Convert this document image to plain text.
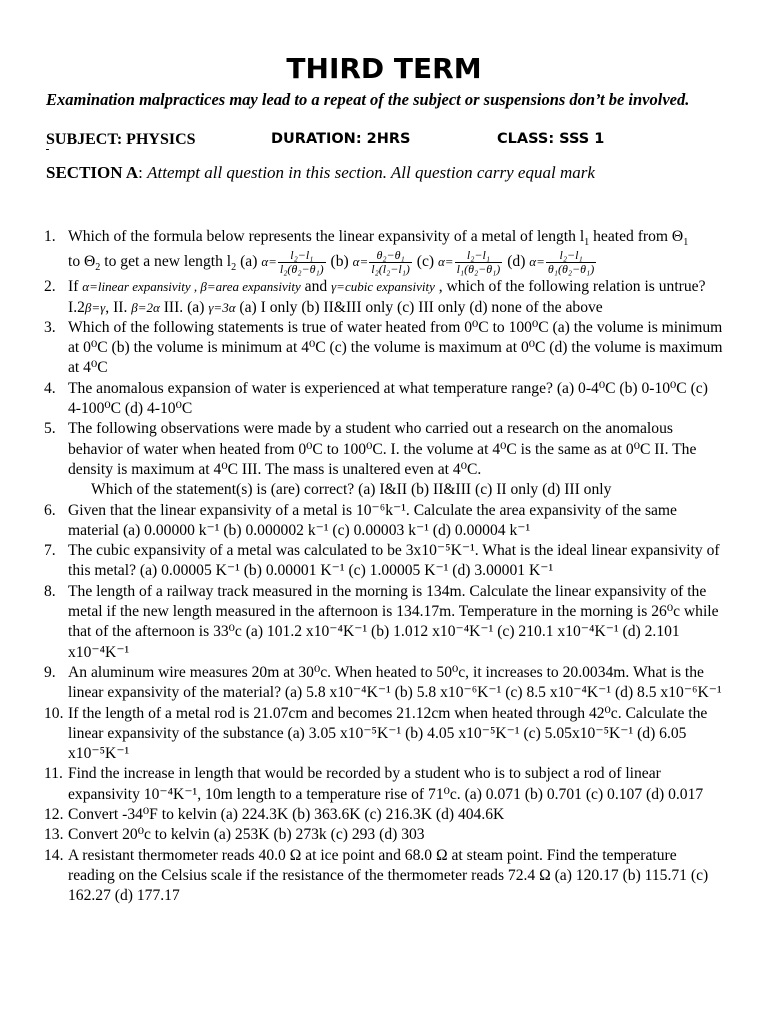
THIRD TERM
Examination malpractices may lead to a repeat of the subject or suspensions don’t be involved.
SUBJECT: PHYSICS	DURATION: 2HRS	CLASS: SSS 1
SECTION A: Attempt all question in this section. All question carry equal mark
1. Which of the formula below represents the linear expansivity of a metal of length $l_1$ heated from $\Theta_1$
to $\Theta_2$ to get a new length $l_2$ (a) $\alpha= \frac{\text{l₂−l₁}}{\text{l₂(θ₂−θ₁)}} (b)$ $\alpha= \frac{\text{θ₂−θ₁}}{\text{l₂(l₂−l₁)}} (c)$ $\alpha= \frac{\text{l₂−l₁}}{\text{l₁(θ₂−θ₁)}} (d)$ $\alpha= \frac{\text{l₂−l₁}}{\text{θ₁(θ₂−θ₁)}}$
2. If α=linear expansivity , β=area expansivity and γ=cubic expansivity , which of the following relation is untrue? I.2β=γ, II. β=2α III. (a) γ=3α (a) I only (b) II&III only (c) III only (d) none of the above
3. Which of the following statements is true of water heated from 0⁰C to 100⁰C (a) the volume is minimum at 0⁰C (b) the volume is minimum at 4⁰C (c) the volume is maximum at 0⁰C (d) the volume is maximum at 4⁰C
4. The anomalous expansion of water is experienced at what temperature range? (a) 0-4⁰C (b) 0-10⁰C (c) 4-100⁰C (d) 4-10⁰C
5. The following observations were made by a student who carried out a research on the anomalous behavior of water when heated from 0⁰C to 100⁰C. I. the volume at 4⁰C is the same as at 0⁰C II. The density is maximum at 4⁰C III. The mass is unaltered even at 4⁰C.
Which of the statement(s) is (are) correct? (a) I&II (b) II&III (c) II only (d) III only
6. Given that the linear expansivity of a metal is 10⁻⁶k⁻¹. Calculate the area expansivity of the same material (a) 0.00000 k⁻¹ (b) 0.000002 k⁻¹ (c) 0.00003 k⁻¹ (d) 0.00004 k⁻¹
7. The cubic expansivity of a metal was calculated to be 3x10⁻⁵K⁻¹. What is the ideal linear expansivity of this metal? (a) 0.00005 K⁻¹ (b) 0.00001 K⁻¹ (c) 1.00005 K⁻¹ (d) 3.00001 K⁻¹
8. The length of a railway track measured in the morning is 134m. Calculate the linear expansivity of the metal if the new length measured in the afternoon is 134.17m. Temperature in the morning is 26⁰c while that of the afternoon is 33⁰c (a) 101.2 x10⁻⁴K⁻¹ (b) 1.012 x10⁻⁴K⁻¹ (c) 210.1 x10⁻⁴K⁻¹ (d) 2.101 x10⁻⁴K⁻¹
9. An aluminum wire measures 20m at 30⁰c. When heated to 50⁰c, it increases to 20.0034m. What is the linear expansivity of the material? (a) 5.8 x10⁻⁴K⁻¹ (b) 5.8 x10⁻⁶K⁻¹ (c) 8.5 x10⁻⁴K⁻¹ (d) 8.5 x10⁻⁶K⁻¹
10. If the length of a metal rod is 21.07cm and becomes 21.12cm when heated through 42⁰c. Calculate the linear expansivity of the substance (a) 3.05 x10⁻⁵K⁻¹ (b) 4.05 x10⁻⁵K⁻¹ (c) 5.05x10⁻⁵K⁻¹ (d) 6.05 x10⁻⁵K⁻¹
11. Find the increase in length that would be recorded by a student who is to subject a rod of linear expansivity 10⁻⁴K⁻¹, 10m length to a temperature rise of 71⁰c. (a) 0.071 (b) 0.701 (c) 0.107 (d) 0.017
12. Convert -34⁰F to kelvin (a) 224.3K (b) 363.6K (c) 216.3K (d) 404.6K
13. Convert 20⁰c to kelvin (a) 253K (b) 273k (c) 293 (d) 303
14. A resistant thermometer reads 40.0 Ω at ice point and 68.0 Ω at steam point. Find the temperature reading on the Celsius scale if the resistance of the thermometer reads 72.4 Ω (a) 120.17 (b) 115.71 (c) 162.27 (d) 177.17
